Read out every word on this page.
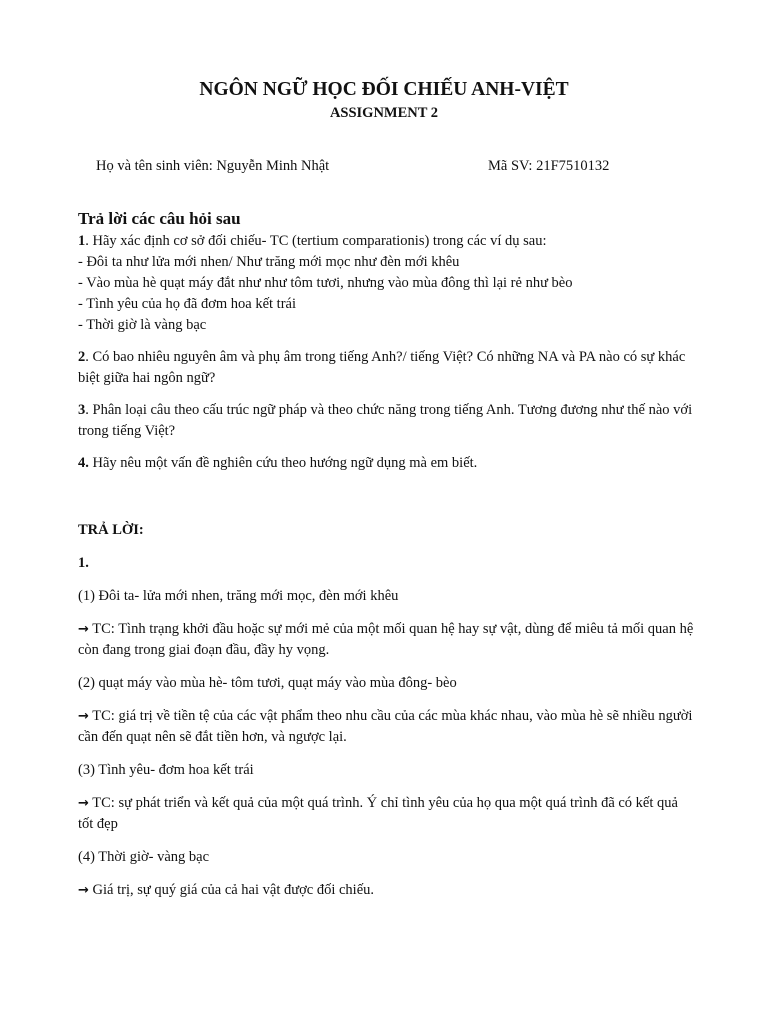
NGÔN NGỮ HỌC ĐỐI CHIẾU ANH-VIỆT
ASSIGNMENT 2
Họ và tên sinh viên: Nguyễn Minh Nhật	Mã SV: 21F7510132

Trả lời các câu hỏi sau

1. Hãy xác định cơ sở đối chiếu- TC (tertium comparationis) trong các ví dụ sau:

- Đôi ta như lửa mới nhen/ Như trăng mới mọc như đèn mới khêu

- Vào mùa hè quạt máy đắt như như tôm tươi, nhưng vào mùa đông thì lại rẻ như bèo

- Tình yêu của họ đã đơm hoa kết trái

- Thời giờ là vàng bạc

2. Có bao nhiêu nguyên âm và phụ âm trong tiếng Anh?/ tiếng Việt? Có những NA và PA nào có sự khác biệt giữa hai ngôn ngữ?

3. Phân loại câu theo cấu trúc ngữ pháp và theo chức năng trong tiếng Anh. Tương đương như thế nào với trong tiếng Việt?

4. Hãy nêu một vấn đề nghiên cứu theo hướng ngữ dụng mà em biết.

TRẢ LỜI:

1.

(1) Đôi ta- lửa mới nhen, trăng mới mọc, đèn mới khêu

→ TC: Tình trạng khởi đầu hoặc sự mới mẻ của một mối quan hệ hay sự vật, dùng để miêu tả mối quan hệ còn đang trong giai đoạn đầu, đầy hy vọng.

(2) quạt máy vào mùa hè- tôm tươi, quạt máy vào mùa đông- bèo

→ TC: giá trị về tiền tệ của các vật phẩm theo nhu cầu của các mùa khác nhau, vào mùa hè sẽ nhiều người cần đến quạt nên sẽ đắt tiền hơn, và ngược lại.

(3) Tình yêu- đơm hoa kết trái

→ TC: sự phát triển và kết quả của một quá trình. Ý chỉ tình yêu của họ qua một quá trình đã có kết quả tốt đẹp

(4) Thời giờ- vàng bạc

→ Giá trị, sự quý giá của cả hai vật được đối chiếu.
